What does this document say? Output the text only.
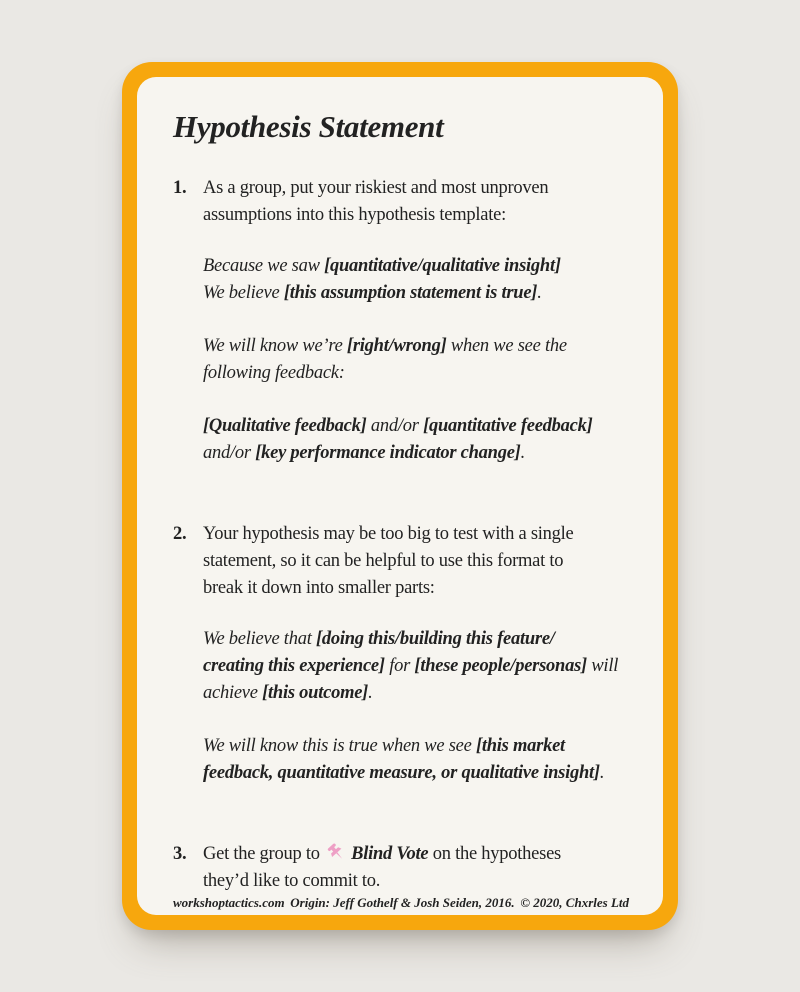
Hypothesis Statement
1. As a group, put your riskiest and most unproven
assumptions into this hypothesis template:

Because we saw [quantitative/qualitative insight]
We believe [this assumption statement is true].
We will know we’re [right/wrong] when we see the
following feedback:
[Qualitative feedback] and/or [quantitative feedback]
and/or [key performance indicator change].
2. Your hypothesis may be too big to test with a single
statement, so it can be helpful to use this format to
break it down into smaller parts:

We believe that [doing this/building this feature/
creating this experience] for [these people/personas] will
achieve [this outcome].
We will know this is true when we see [this market
feedback, quantitative measure, or qualitative insight].
3. Get the group to
Blind Vote on the hypotheses
they’d like to commit to.

workshoptactics.com Origin: Jeff Gothelf & Josh Seiden, 2016. © 2020, Chxrles Ltd
